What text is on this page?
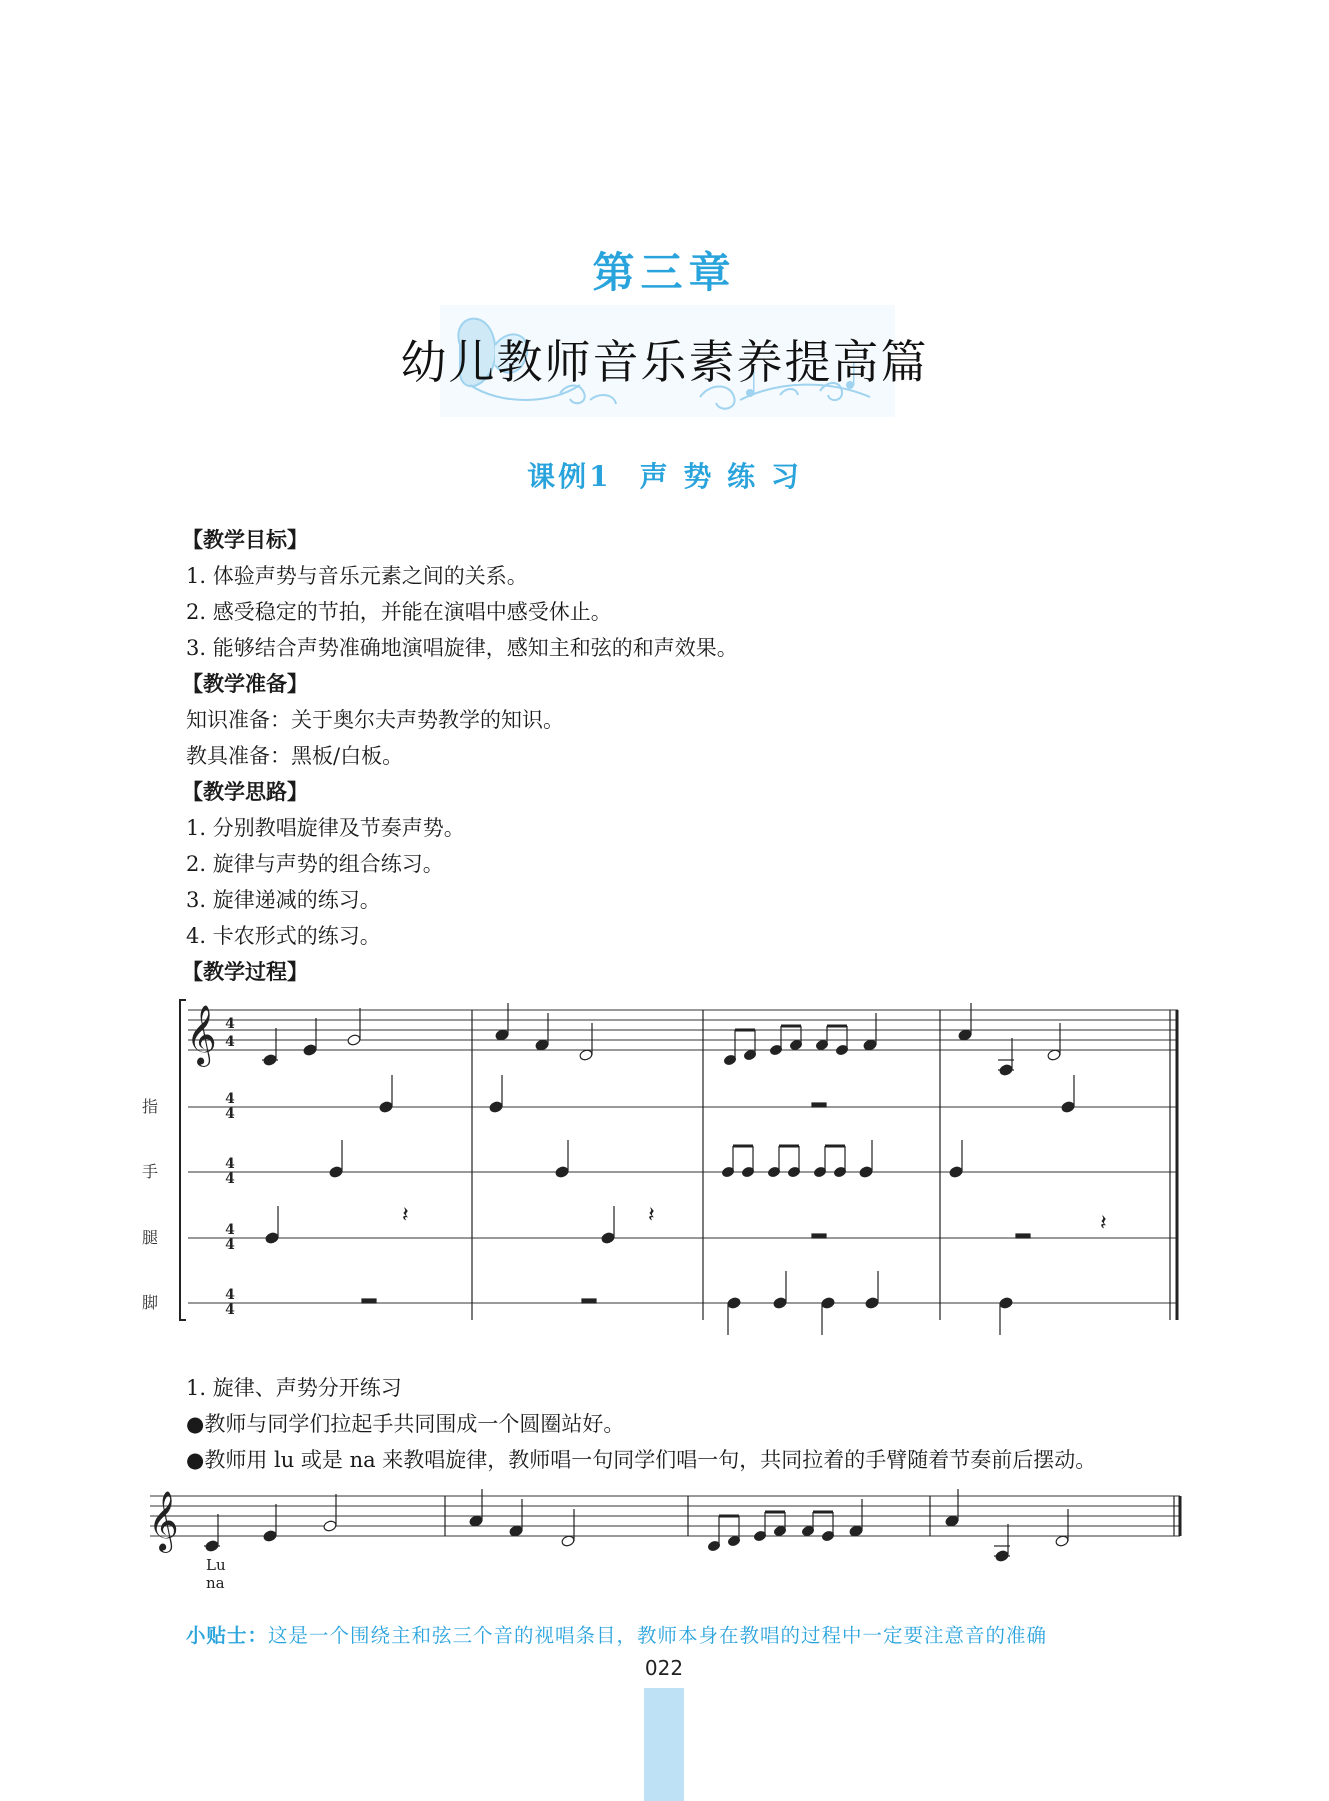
第三章
幼儿教师音乐素养提高篇
课例1 声 势 练 习
【教学目标】
1. 体验声势与音乐元素之间的关系。
2. 感受稳定的节拍，并能在演唱中感受休止。
3. 能够结合声势准确地演唱旋律，感知主和弦的和声效果。
【教学准备】
知识准备：关于奥尔夫声势教学的知识。
教具准备：黑板/白板。
【教学思路】
1. 分别教唱旋律及节奏声势。
2. 旋律与声势的组合练习。
3. 旋律递减的练习。
4. 卡农形式的练习。
【教学过程】
𝄞 4
4
4
4
4
4
4
4
4
4
指
手
腿
脚
𝄽	𝄽	𝄽
1. 旋律、声势分开练习
●教师与同学们拉起手共同围成一个圆圈站好。
●教师用 lu 或是 na 来教唱旋律，教师唱一句同学们唱一句，共同拉着的手臂随着节奏前后摆动。
𝄞
Lu
na
小贴士：这是一个围绕主和弦三个音的视唱条目，教师本身在教唱的过程中一定要注意音的准确
022
